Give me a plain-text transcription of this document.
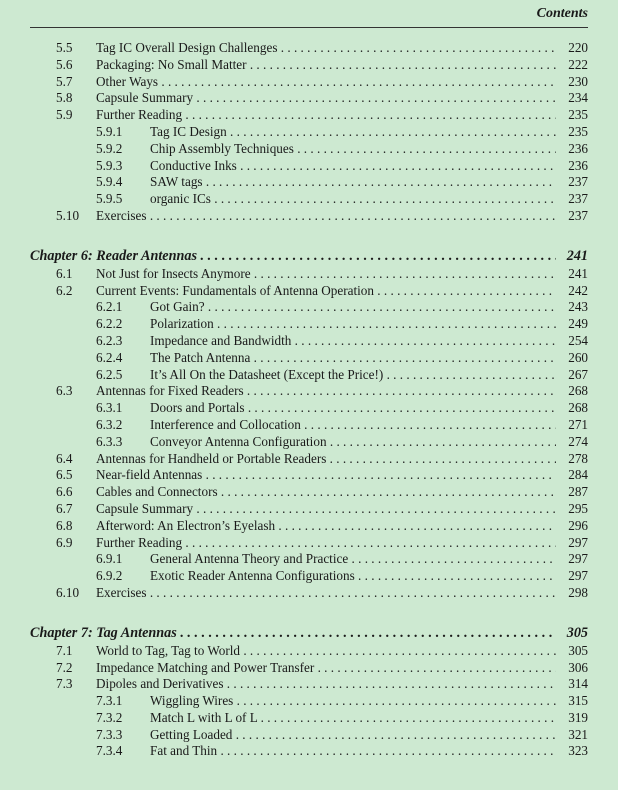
Contents
5.5 Tag IC Overall Design Challenges . . .	220
5.6 Packaging: No Small Matter . . .	222
5.7 Other Ways . . .	230
5.8 Capsule Summary . . .	234
5.9 Further Reading . . .	235
5.9.1 Tag IC Design . . .	235
5.9.2 Chip Assembly Techniques . . .	236
5.9.3 Conductive Inks . . .	236
5.9.4 SAW tags . . .	237
5.9.5 organic ICs . . .	237
5.10 Exercises . . .	237
Chapter 6: Reader Antennas . . .	241
6.1 Not Just for Insects Anymore . . .	241
6.2 Current Events: Fundamentals of Antenna Operation . . .	242
6.2.1 Got Gain? . . .	243
6.2.2 Polarization . . .	249
6.2.3 Impedance and Bandwidth . . .	254
6.2.4 The Patch Antenna . . .	260
6.2.5 It’s All On the Datasheet (Except the Price!) . . .	267
6.3 Antennas for Fixed Readers . . .	268
6.3.1 Doors and Portals . . .	268
6.3.2 Interference and Collocation . . .	271
6.3.3 Conveyor Antenna Configuration . . .	274
6.4 Antennas for Handheld or Portable Readers . . .	278
6.5 Near-field Antennas . . .	284
6.6 Cables and Connectors . . .	287
6.7 Capsule Summary . . .	295
6.8 Afterword: An Electron’s Eyelash . . .	296
6.9 Further Reading . . .	297
6.9.1 General Antenna Theory and Practice . . .	297
6.9.2 Exotic Reader Antenna Configurations . . .	297
6.10 Exercises . . .	298
Chapter 7: Tag Antennas . . .	305
7.1 World to Tag, Tag to World . . .	305
7.2 Impedance Matching and Power Transfer . . .	306
7.3 Dipoles and Derivatives . . .	314
7.3.1 Wiggling Wires . . .	315
7.3.2 Match L with L of L . . .	319
7.3.3 Getting Loaded . . .	321
7.3.4 Fat and Thin . . .	323
